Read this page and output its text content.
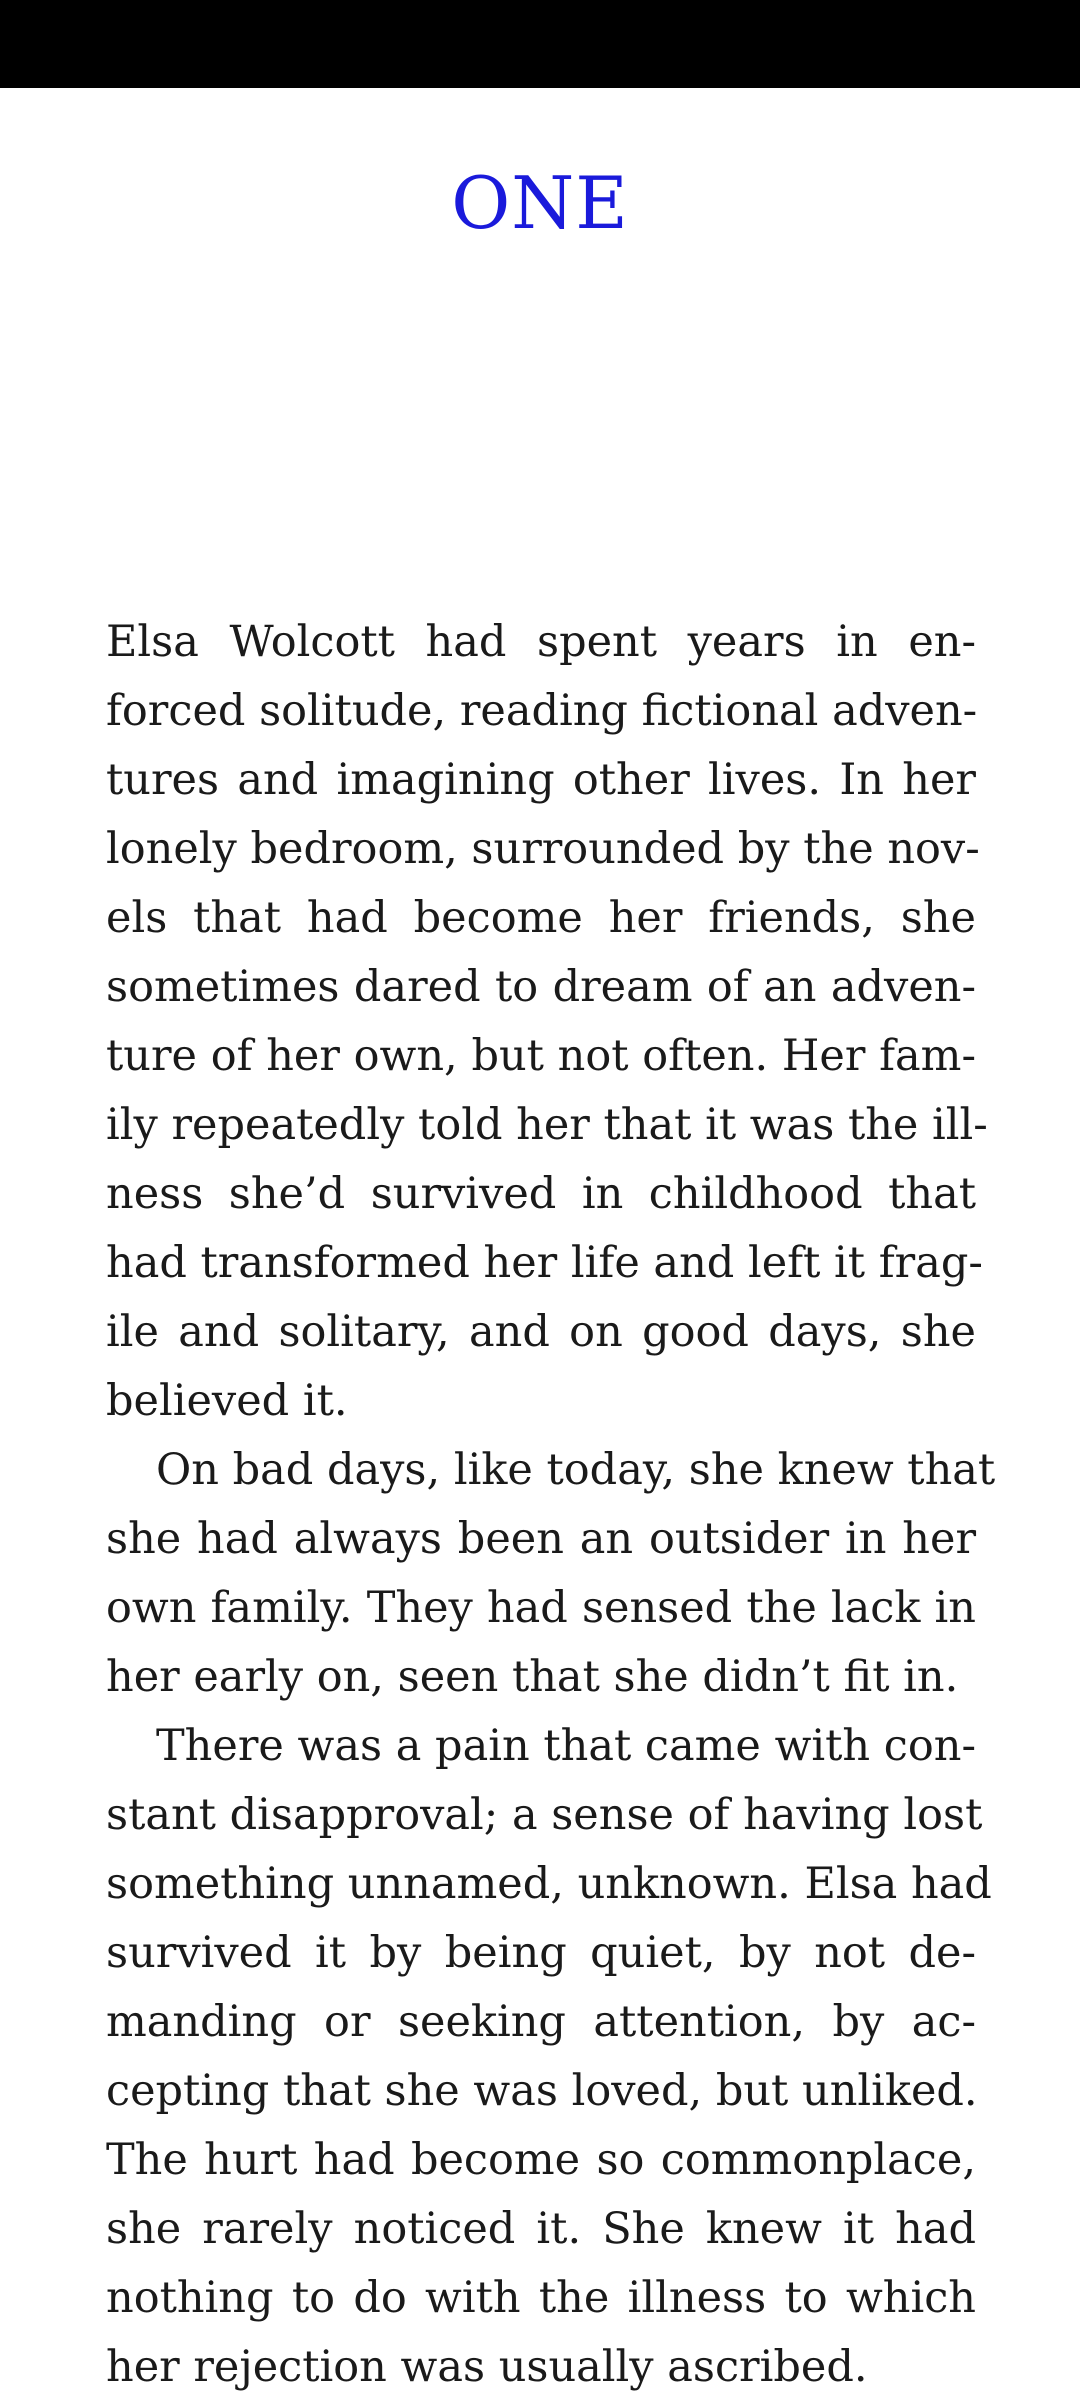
ONE
Elsa Wolcott had spent years in en-
forced solitude, reading fictional adven-
tures and imagining other lives. In her
lonely bedroom, surrounded by the nov-
els that had become her friends, she
sometimes dared to dream of an adven-
ture of her own, but not often. Her fam-
ily repeatedly told her that it was the ill-
ness she’d survived in childhood that
had transformed her life and left it frag-
ile and solitary, and on good days, she
believed it.
On bad days, like today, she knew that
she had always been an outsider in her
own family. They had sensed the lack in
her early on, seen that she didn’t fit in.
There was a pain that came with con-
stant disapproval; a sense of having lost
something unnamed, unknown. Elsa had
survived it by being quiet, by not de-
manding or seeking attention, by ac-
cepting that she was loved, but unliked.
The hurt had become so commonplace,
she rarely noticed it. She knew it had
nothing to do with the illness to which
her rejection was usually ascribed.
